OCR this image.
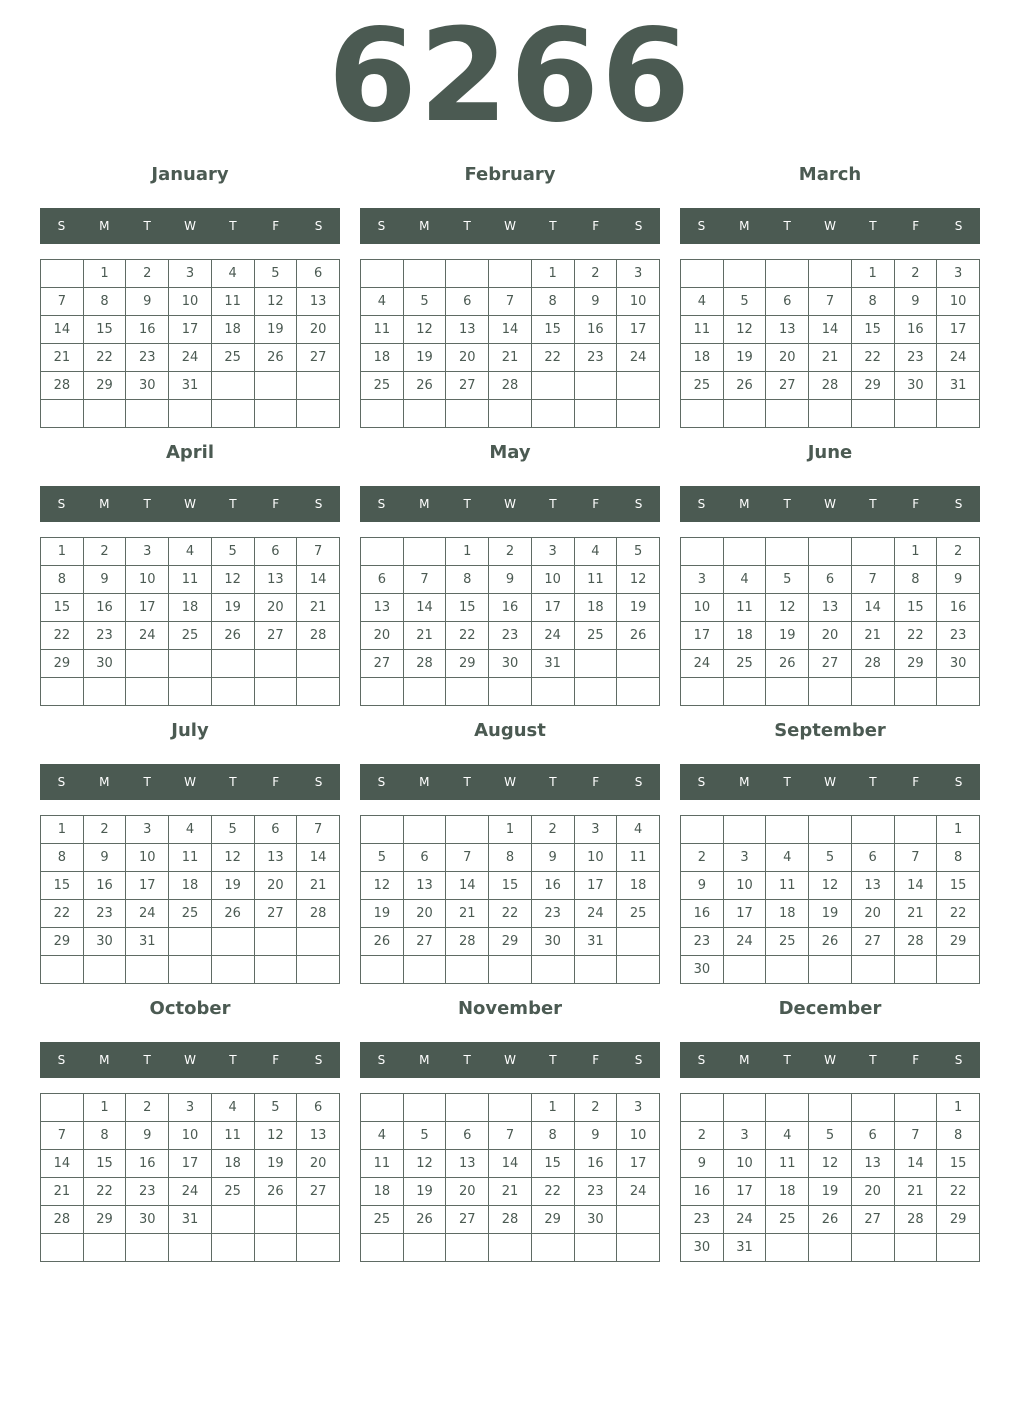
6266
January
S	M	T	W	T	F	S
	1	2	3	4	5	6
7	8	9	10	11	12	13
14	15	16	17	18	19	20
21	22	23	24	25	26	27
28	29	30	31			

February
S	M	T	W	T	F	S
				1	2	3
4	5	6	7	8	9	10
11	12	13	14	15	16	17
18	19	20	21	22	23	24
25	26	27	28			

March
S	M	T	W	T	F	S
				1	2	3
4	5	6	7	8	9	10
11	12	13	14	15	16	17
18	19	20	21	22	23	24
25	26	27	28	29	30	31

April
S	M	T	W	T	F	S
1	2	3	4	5	6	7
8	9	10	11	12	13	14
15	16	17	18	19	20	21
22	23	24	25	26	27	28
29	30					

May
S	M	T	W	T	F	S
		1	2	3	4	5
6	7	8	9	10	11	12
13	14	15	16	17	18	19
20	21	22	23	24	25	26
27	28	29	30	31		

June
S	M	T	W	T	F	S
					1	2
3	4	5	6	7	8	9
10	11	12	13	14	15	16
17	18	19	20	21	22	23
24	25	26	27	28	29	30

July
S	M	T	W	T	F	S
1	2	3	4	5	6	7
8	9	10	11	12	13	14
15	16	17	18	19	20	21
22	23	24	25	26	27	28
29	30	31				

August
S	M	T	W	T	F	S
			1	2	3	4
5	6	7	8	9	10	11
12	13	14	15	16	17	18
19	20	21	22	23	24	25
26	27	28	29	30	31	

September
S	M	T	W	T	F	S
						1
2	3	4	5	6	7	8
9	10	11	12	13	14	15
16	17	18	19	20	21	22
23	24	25	26	27	28	29
30						
October
S	M	T	W	T	F	S
	1	2	3	4	5	6
7	8	9	10	11	12	13
14	15	16	17	18	19	20
21	22	23	24	25	26	27
28	29	30	31			

November
S	M	T	W	T	F	S
				1	2	3
4	5	6	7	8	9	10
11	12	13	14	15	16	17
18	19	20	21	22	23	24
25	26	27	28	29	30	

December
S	M	T	W	T	F	S
						1
2	3	4	5	6	7	8
9	10	11	12	13	14	15
16	17	18	19	20	21	22
23	24	25	26	27	28	29
30	31					
